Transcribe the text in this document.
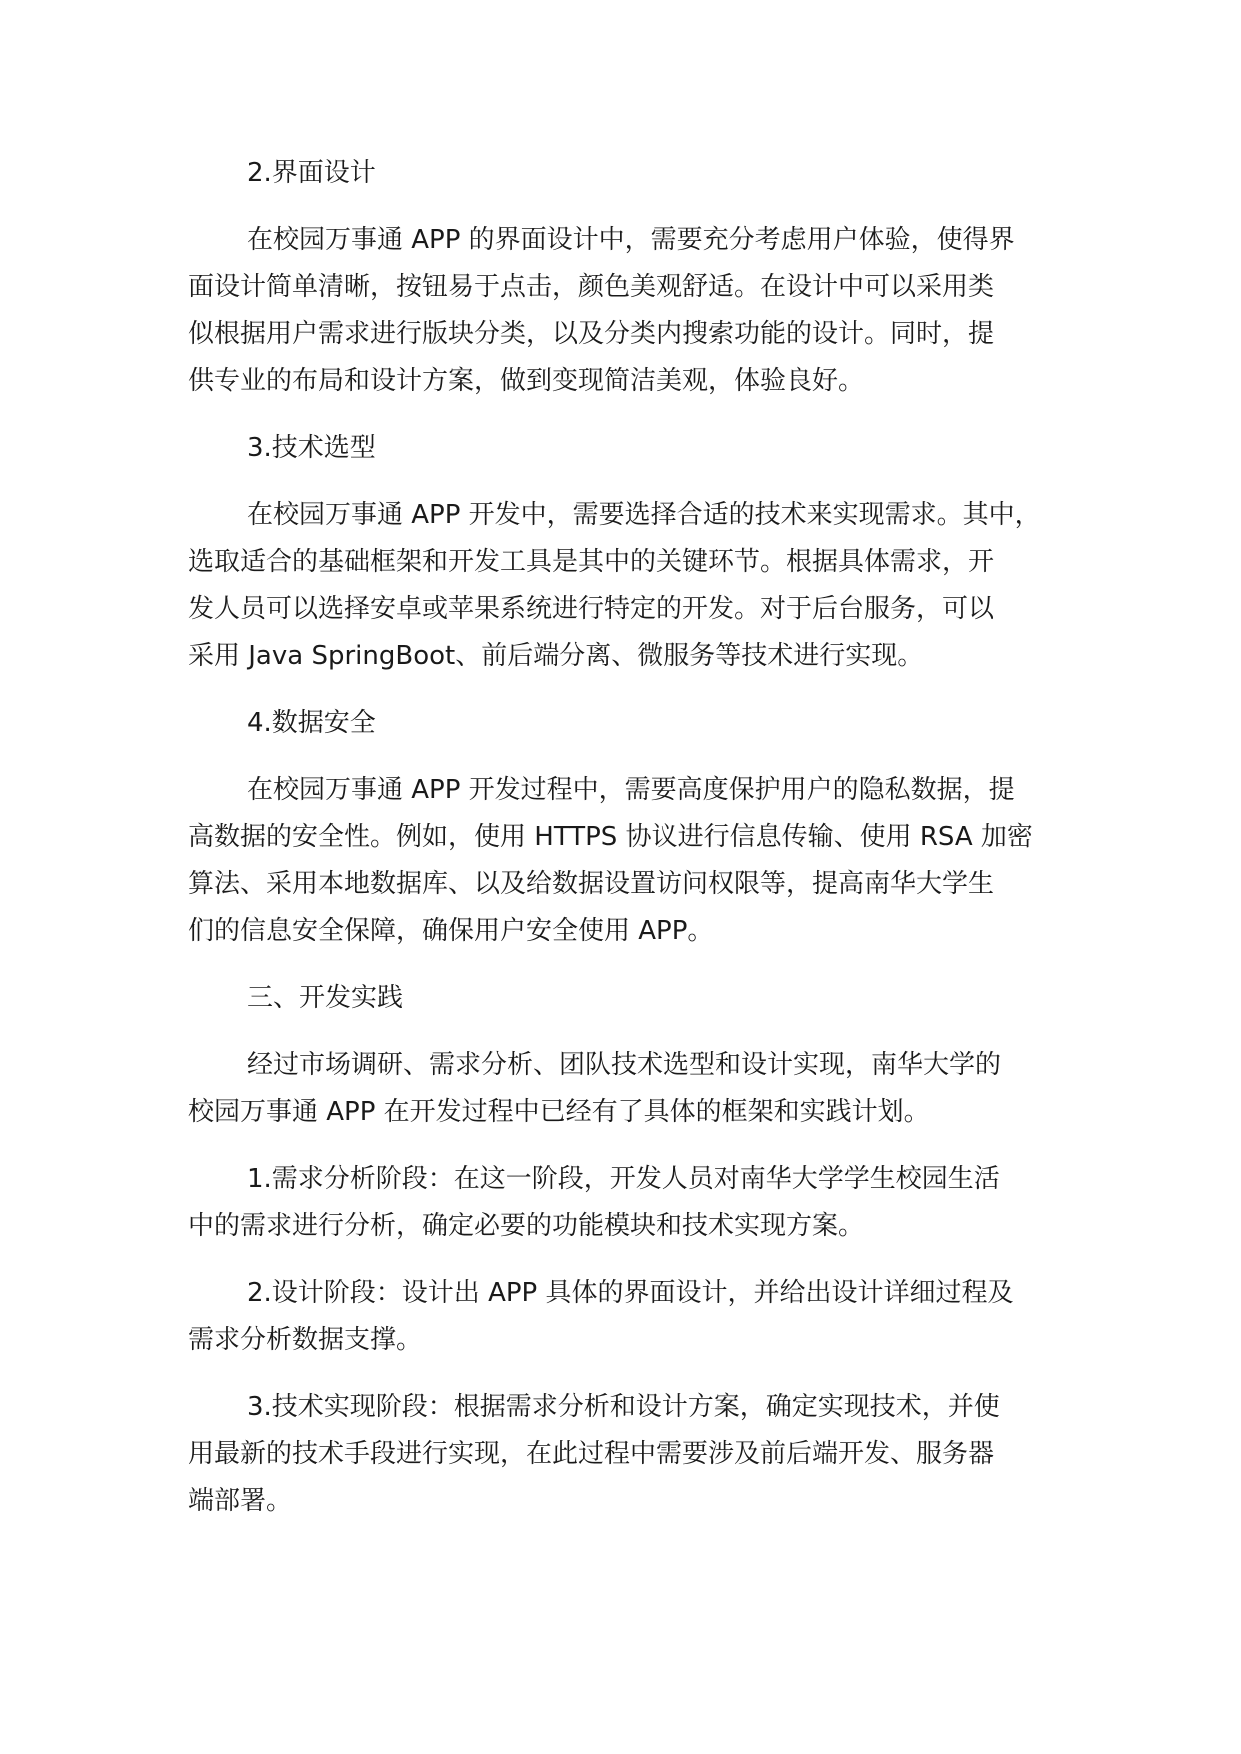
2.界面设计
在校园万事通 APP 的界面设计中，需要充分考虑用户体验，使得界
面设计简单清晰，按钮易于点击，颜色美观舒适。在设计中可以采用类
似根据用户需求进行版块分类，以及分类内搜索功能的设计。同时，提
供专业的布局和设计方案，做到变现简洁美观，体验良好。
3.技术选型
在校园万事通 APP 开发中，需要选择合适的技术来实现需求。其中，
选取适合的基础框架和开发工具是其中的关键环节。根据具体需求，开
发人员可以选择安卓或苹果系统进行特定的开发。对于后台服务，可以
采用 Java SpringBoot、前后端分离、微服务等技术进行实现。
4.数据安全
在校园万事通 APP 开发过程中，需要高度保护用户的隐私数据，提
高数据的安全性。例如，使用 HTTPS 协议进行信息传输、使用 RSA 加密
算法、采用本地数据库、以及给数据设置访问权限等，提高南华大学生
们的信息安全保障，确保用户安全使用 APP。
三、开发实践
经过市场调研、需求分析、团队技术选型和设计实现，南华大学的
校园万事通 APP 在开发过程中已经有了具体的框架和实践计划。
1.需求分析阶段：在这一阶段，开发人员对南华大学学生校园生活
中的需求进行分析，确定必要的功能模块和技术实现方案。
2.设计阶段：设计出 APP 具体的界面设计，并给出设计详细过程及
需求分析数据支撑。
3.技术实现阶段：根据需求分析和设计方案，确定实现技术，并使
用最新的技术手段进行实现，在此过程中需要涉及前后端开发、服务器
端部署。
